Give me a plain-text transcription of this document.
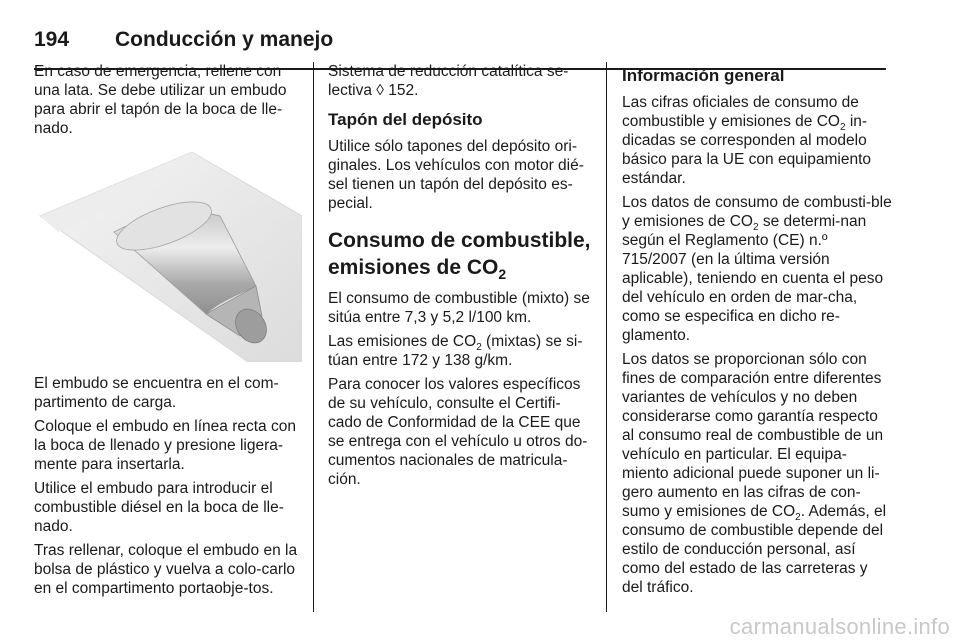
194 Conducción y manejo

En caso de emergencia, rellene con una lata. Se debe utilizar un embudo para abrir el tapón de la boca de lle-nado.

El embudo se encuentra en el com-partimento de carga.

Coloque el embudo en línea recta con la boca de llenado y presione ligera-mente para insertarla.

Utilice el embudo para introducir el combustible diésel en la boca de lle-nado.

Tras rellenar, coloque el embudo en la bolsa de plástico y vuelva a colo-carlo en el compartimento portaobje-tos.

Sistema de reducción catalítica se-lectiva ◊ 152.

Tapón del depósito

Utilice sólo tapones del depósito ori-ginales. Los vehículos con motor dié-sel tienen un tapón del depósito es-pecial.

Consumo de combustible,
emisiones de $CO_2$

El consumo de combustible (mixto) se sitúa entre 7,3 y 5,2 l/100 km.

Las emisiones de $CO_2$ (mixtas) se si-túan entre 172 y 138 g/km.

Para conocer los valores específicos de su vehículo, consulte el Certifi-cado de Conformidad de la CEE que se entrega con el vehículo u otros do-cumentos nacionales de matricula-ción.

Información general

Las cifras oficiales de consumo de combustible y emisiones de $CO_2$ in-dicadas se corresponden al modelo básico para la UE con equipamiento estándar.

Los datos de consumo de combusti-ble y emisiones de $CO_2$ se determi-nan según el Reglamento (CE) n.º 715/2007 (en la última versión aplicable), teniendo en cuenta el peso del vehículo en orden de mar-cha, como se especifica en dicho re-glamento.

Los datos se proporcionan sólo con fines de comparación entre diferentes variantes de vehículos y no deben considerarse como garantía respecto al consumo real de combustible de un vehículo en particular. El equipa-miento adicional puede suponer un li-gero aumento en las cifras de con-sumo y emisiones de $CO_2$. Además, el consumo de combustible depende del estilo de conducción personal, así como del estado de las carreteras y del tráfico.

carmanualsonline.info
